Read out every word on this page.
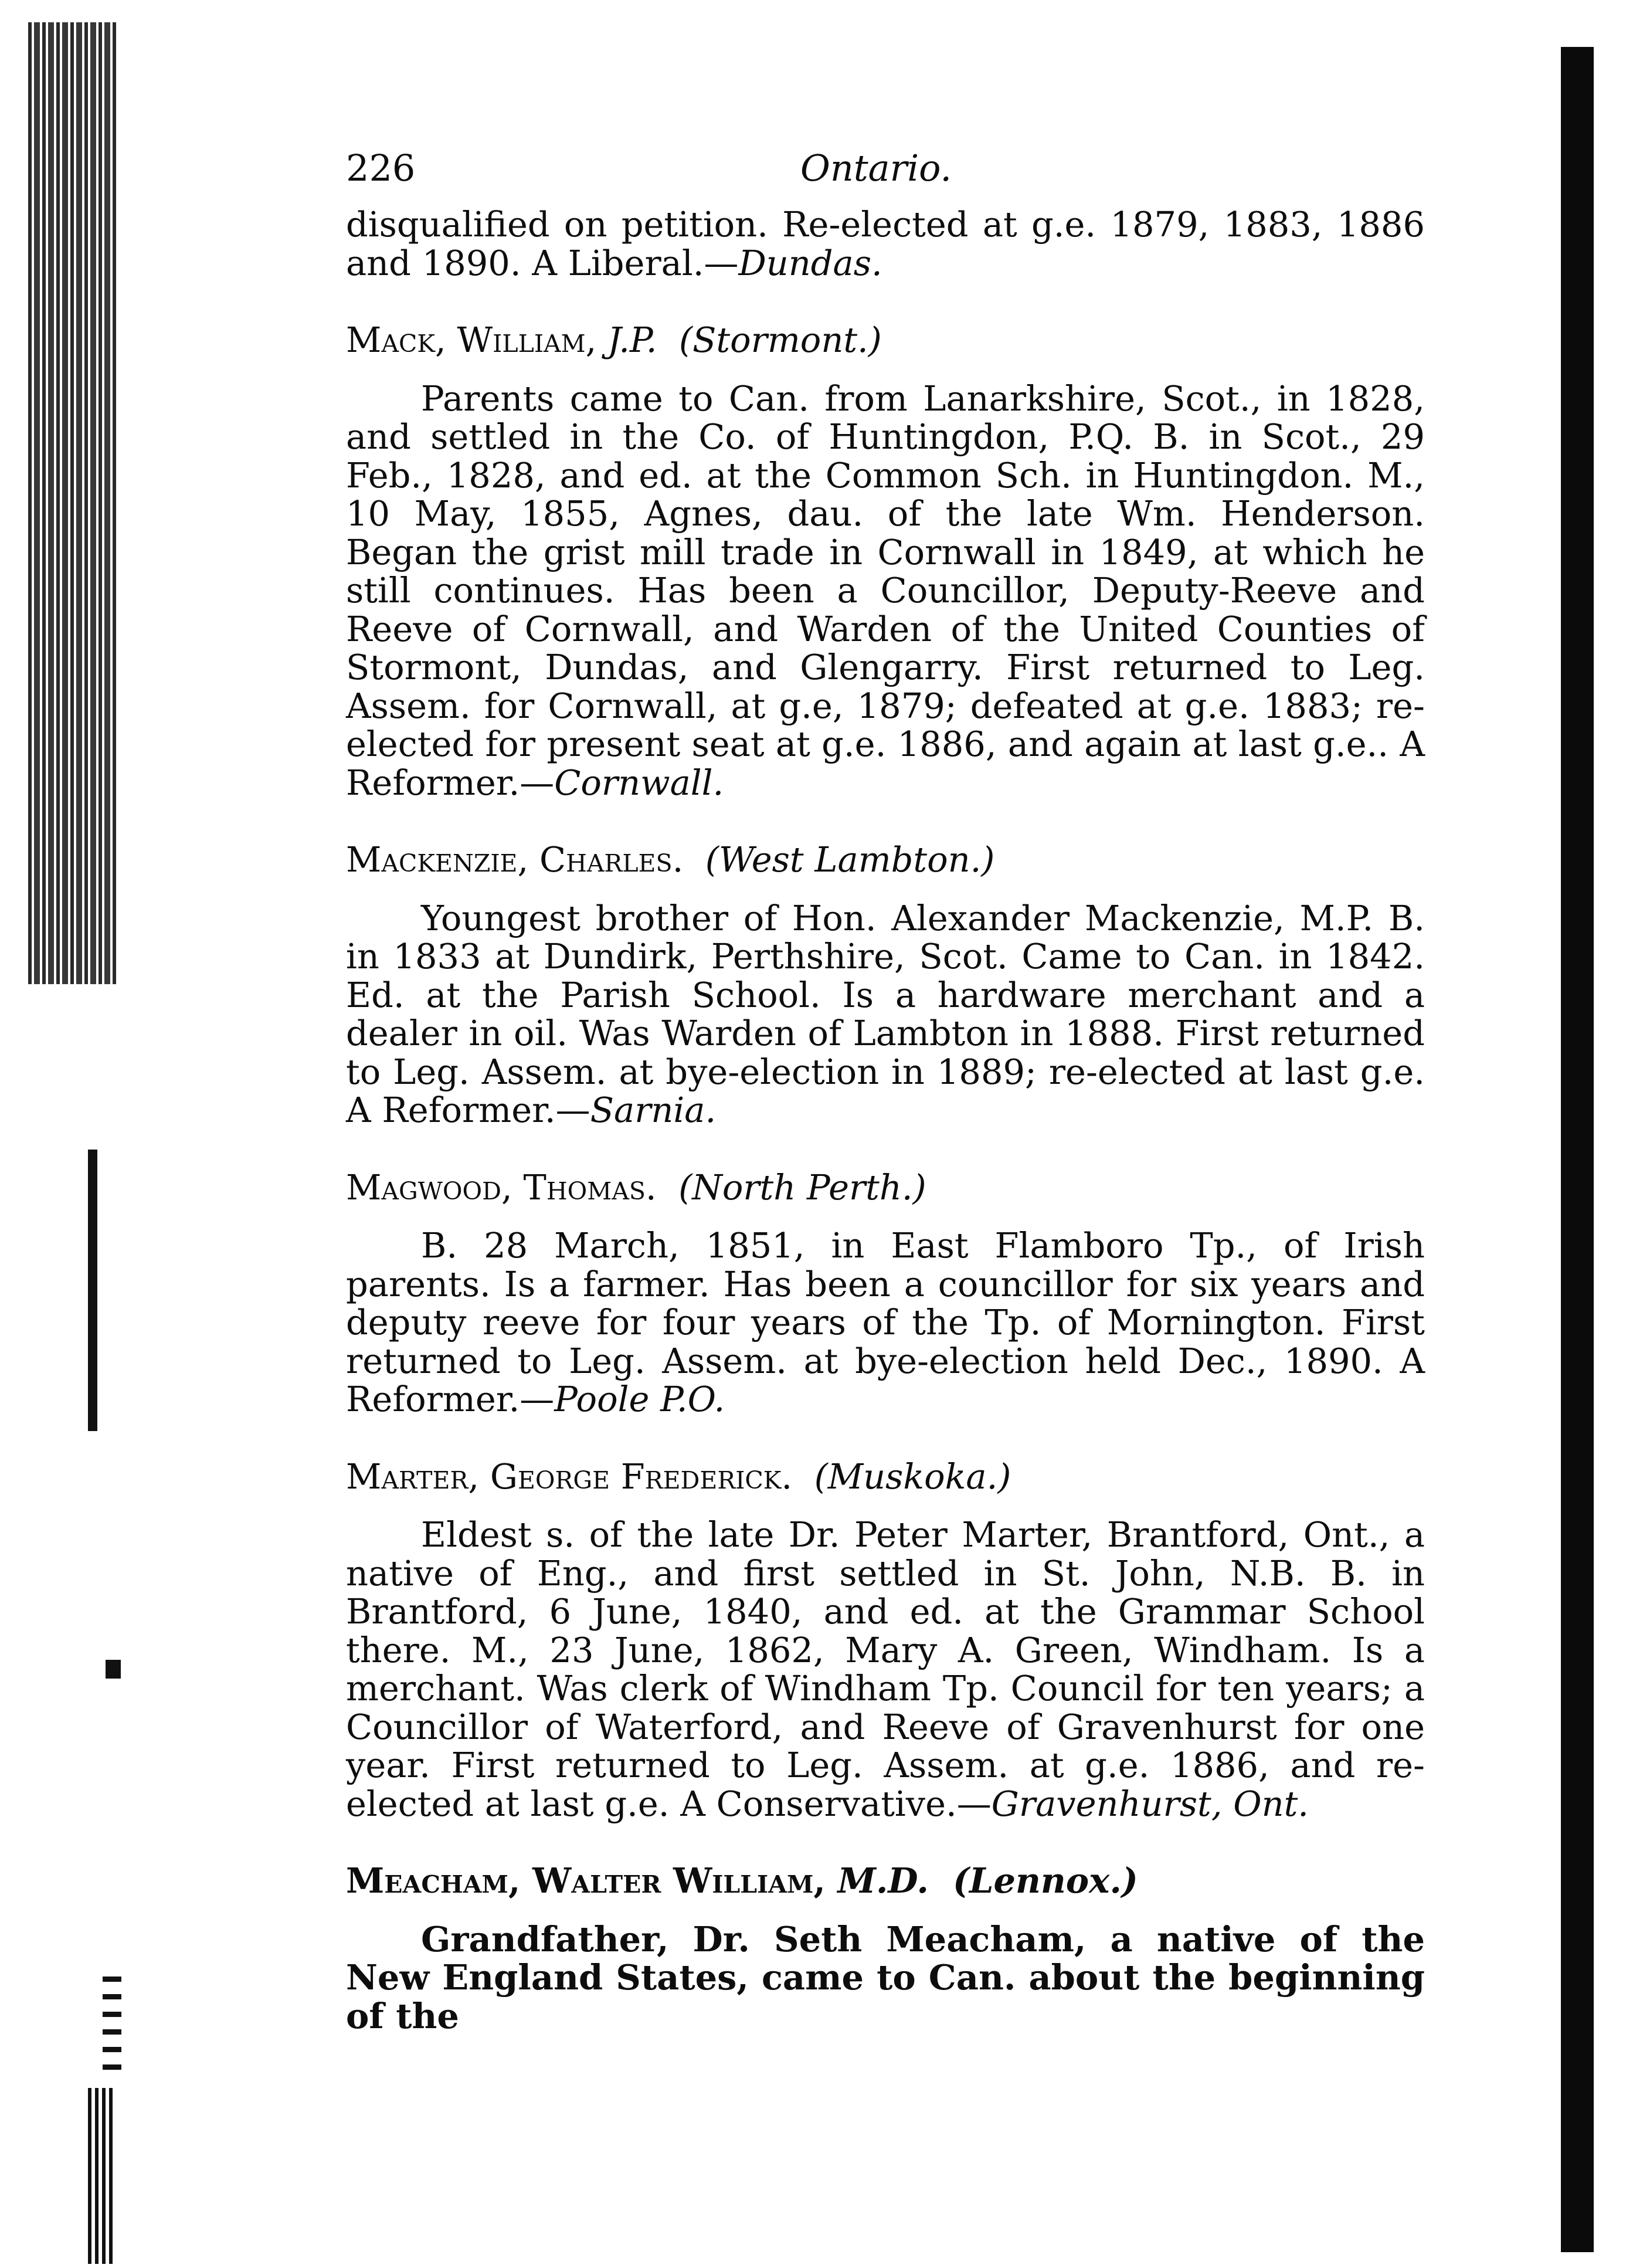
226	Ontario.

disqualified on petition. Re-elected at g.e. 1879, 1883, 1886 and 1890. A Liberal.—Dundas.

Mack, William, J.P. (Stormont.)

Parents came to Can. from Lanarkshire, Scot., in 1828, and settled in the Co. of Huntingdon, P.Q. B. in Scot., 29 Feb., 1828, and ed. at the Common Sch. in Huntingdon. M., 10 May, 1855, Agnes, dau. of the late Wm. Henderson. Began the grist mill trade in Cornwall in 1849, at which he still continues. Has been a Councillor, Deputy-Reeve and Reeve of Cornwall, and Warden of the United Counties of Stormont, Dundas, and Glengarry. First returned to Leg. Assem. for Cornwall, at g.e, 1879; defeated at g.e. 1883; re-elected for present seat at g.e. 1886, and again at last g.e.. A Reformer.—Cornwall.

Mackenzie, Charles. (West Lambton.)

Youngest brother of Hon. Alexander Mackenzie, M.P. B. in 1833 at Dundirk, Perthshire, Scot. Came to Can. in 1842. Ed. at the Parish School. Is a hardware merchant and a dealer in oil. Was Warden of Lambton in 1888. First returned to Leg. Assem. at bye-election in 1889; re-elected at last g.e. A Reformer.—Sarnia.

Magwood, Thomas. (North Perth.)

B. 28 March, 1851, in East Flamboro Tp., of Irish parents. Is a farmer. Has been a councillor for six years and deputy reeve for four years of the Tp. of Mornington. First returned to Leg. Assem. at bye-election held Dec., 1890. A Reformer.—Poole P.O.

Marter, George Frederick. (Muskoka.)

Eldest s. of the late Dr. Peter Marter, Brantford, Ont., a native of Eng., and first settled in St. John, N.B. B. in Brantford, 6 June, 1840, and ed. at the Grammar School there. M., 23 June, 1862, Mary A. Green, Windham. Is a merchant. Was clerk of Windham Tp. Council for ten years; a Councillor of Waterford, and Reeve of Gravenhurst for one year. First returned to Leg. Assem. at g.e. 1886, and re-elected at last g.e. A Conservative.—Gravenhurst, Ont.

Meacham, Walter William, M.D. (Lennox.)

Grandfather, Dr. Seth Meacham, a native of the New England States, came to Can. about the beginning of the
